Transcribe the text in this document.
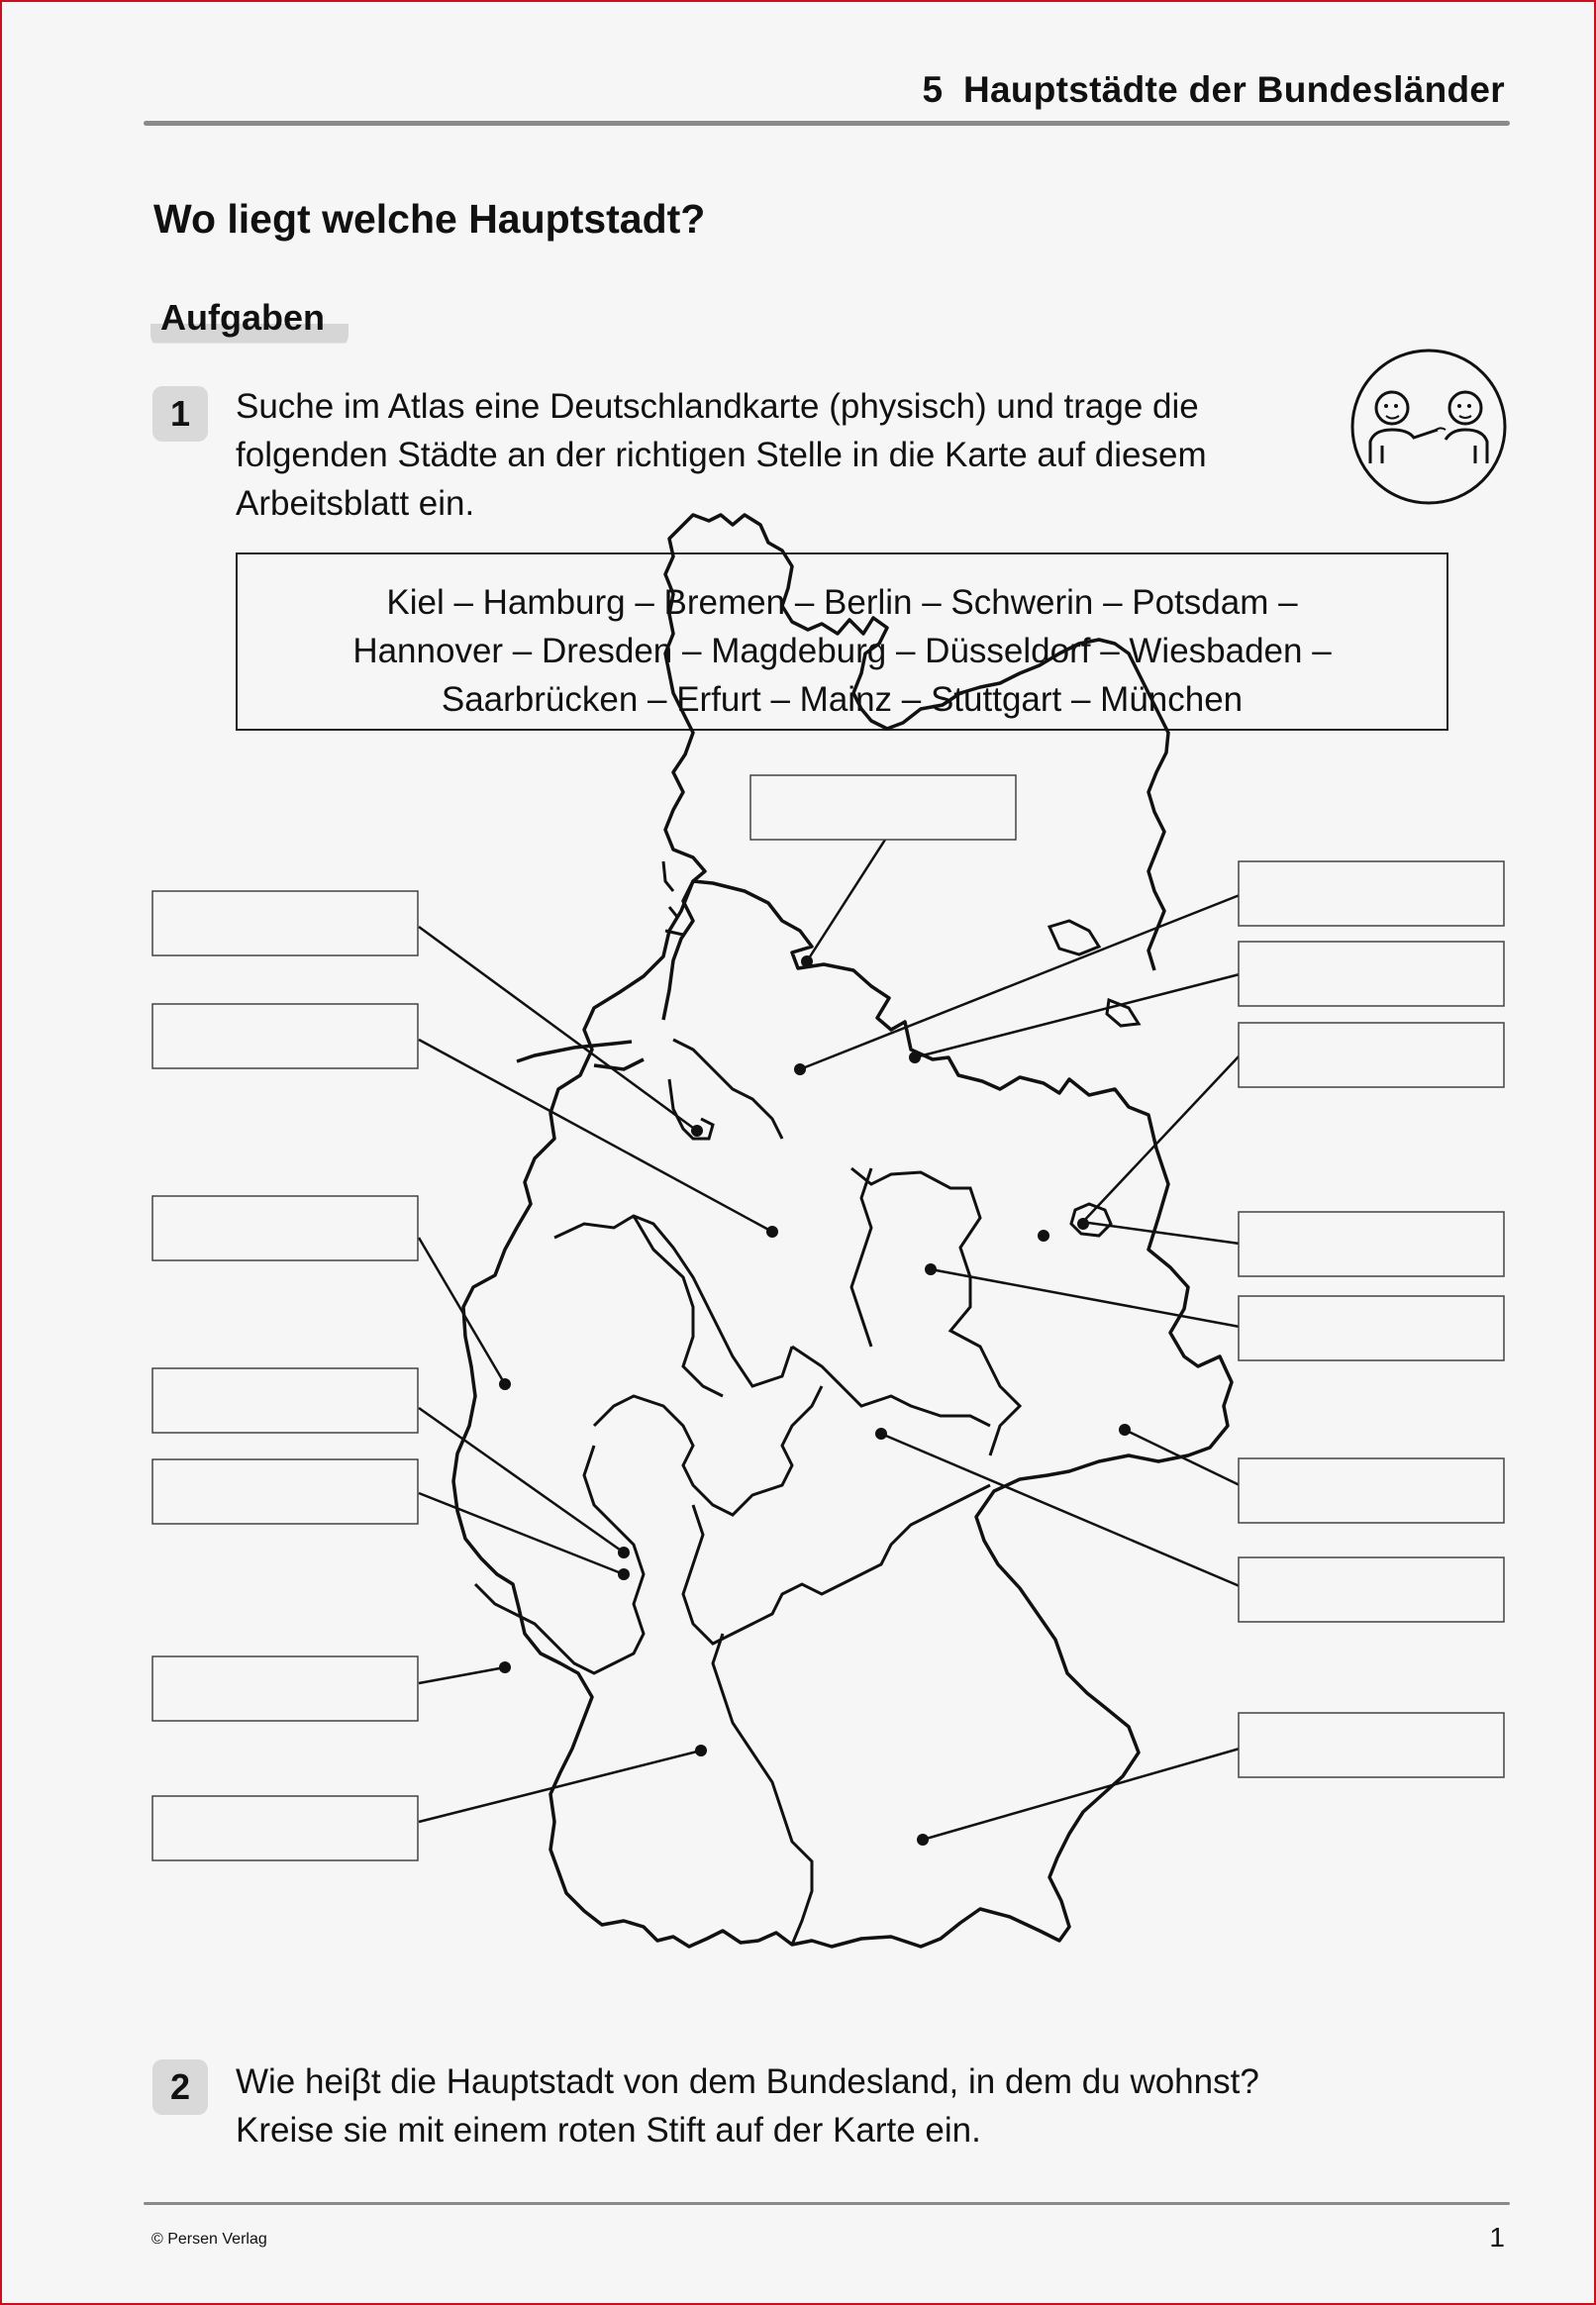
5 Hauptstädte der Bundesländer
Wo liegt welche Hauptstadt?
Aufgaben
1	Suche im Atlas eine Deutschlandkarte (physisch) und trage die

folgenden Städte an der richtigen Stelle in die Karte auf diesem

Arbeitsblatt ein.

Kiel – Hamburg – Bremen – Berlin – Schwerin – Potsdam –

Hannover – Dresden – Magdeburg – Düsseldorf – Wiesbaden –

Saarbrücken – Erfurt – Mainz – Stuttgart – München

2	Wie heiβt die Hauptstadt von dem Bundesland, in dem du wohnst?

Kreise sie mit einem roten Stift auf der Karte ein.

© Persen Verlag	1
